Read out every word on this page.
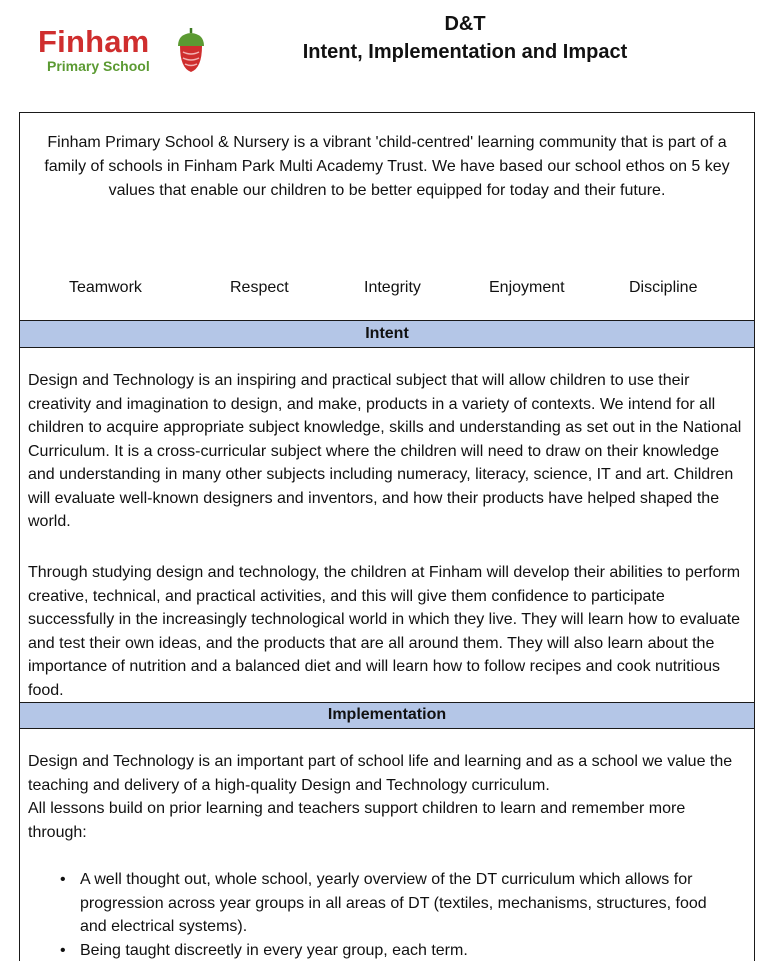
Finham
Primary School
D&T
Intent, Implementation and Impact
Finham Primary School & Nursery is a vibrant 'child-centred' learning community that is part of a family of schools in Finham Park Multi Academy Trust. We have based our school ethos on 5 key values that enable our children to be better equipped for today and their future.
Teamwork	Respect	Integrity	Enjoyment	Discipline
Intent
Design and Technology is an inspiring and practical subject that will allow children to use their creativity and imagination to design, and make, products in a variety of contexts. We intend for all children to acquire appropriate subject knowledge, skills and understanding as set out in the National Curriculum. It is a cross-curricular subject where the children will need to draw on their knowledge and understanding in many other subjects including numeracy, literacy, science, IT and art. Children will evaluate well-known designers and inventors, and how their products have helped shaped the world.
Through studying design and technology, the children at Finham will develop their abilities to perform creative, technical, and practical activities, and this will give them confidence to participate successfully in the increasingly technological world in which they live. They will learn how to evaluate and test their own ideas, and the products that are all around them. They will also learn about the importance of nutrition and a balanced diet and will learn how to follow recipes and cook nutritious food.
Implementation
Design and Technology is an important part of school life and learning and as a school we value the teaching and delivery of a high-quality Design and Technology curriculum.
All lessons build on prior learning and teachers support children to learn and remember more through:
• A well thought out, whole school, yearly overview of the DT curriculum which allows for progression across year groups in all areas of DT (textiles, mechanisms, structures, food and electrical systems).
• Being taught discreetly in every year group, each term.
